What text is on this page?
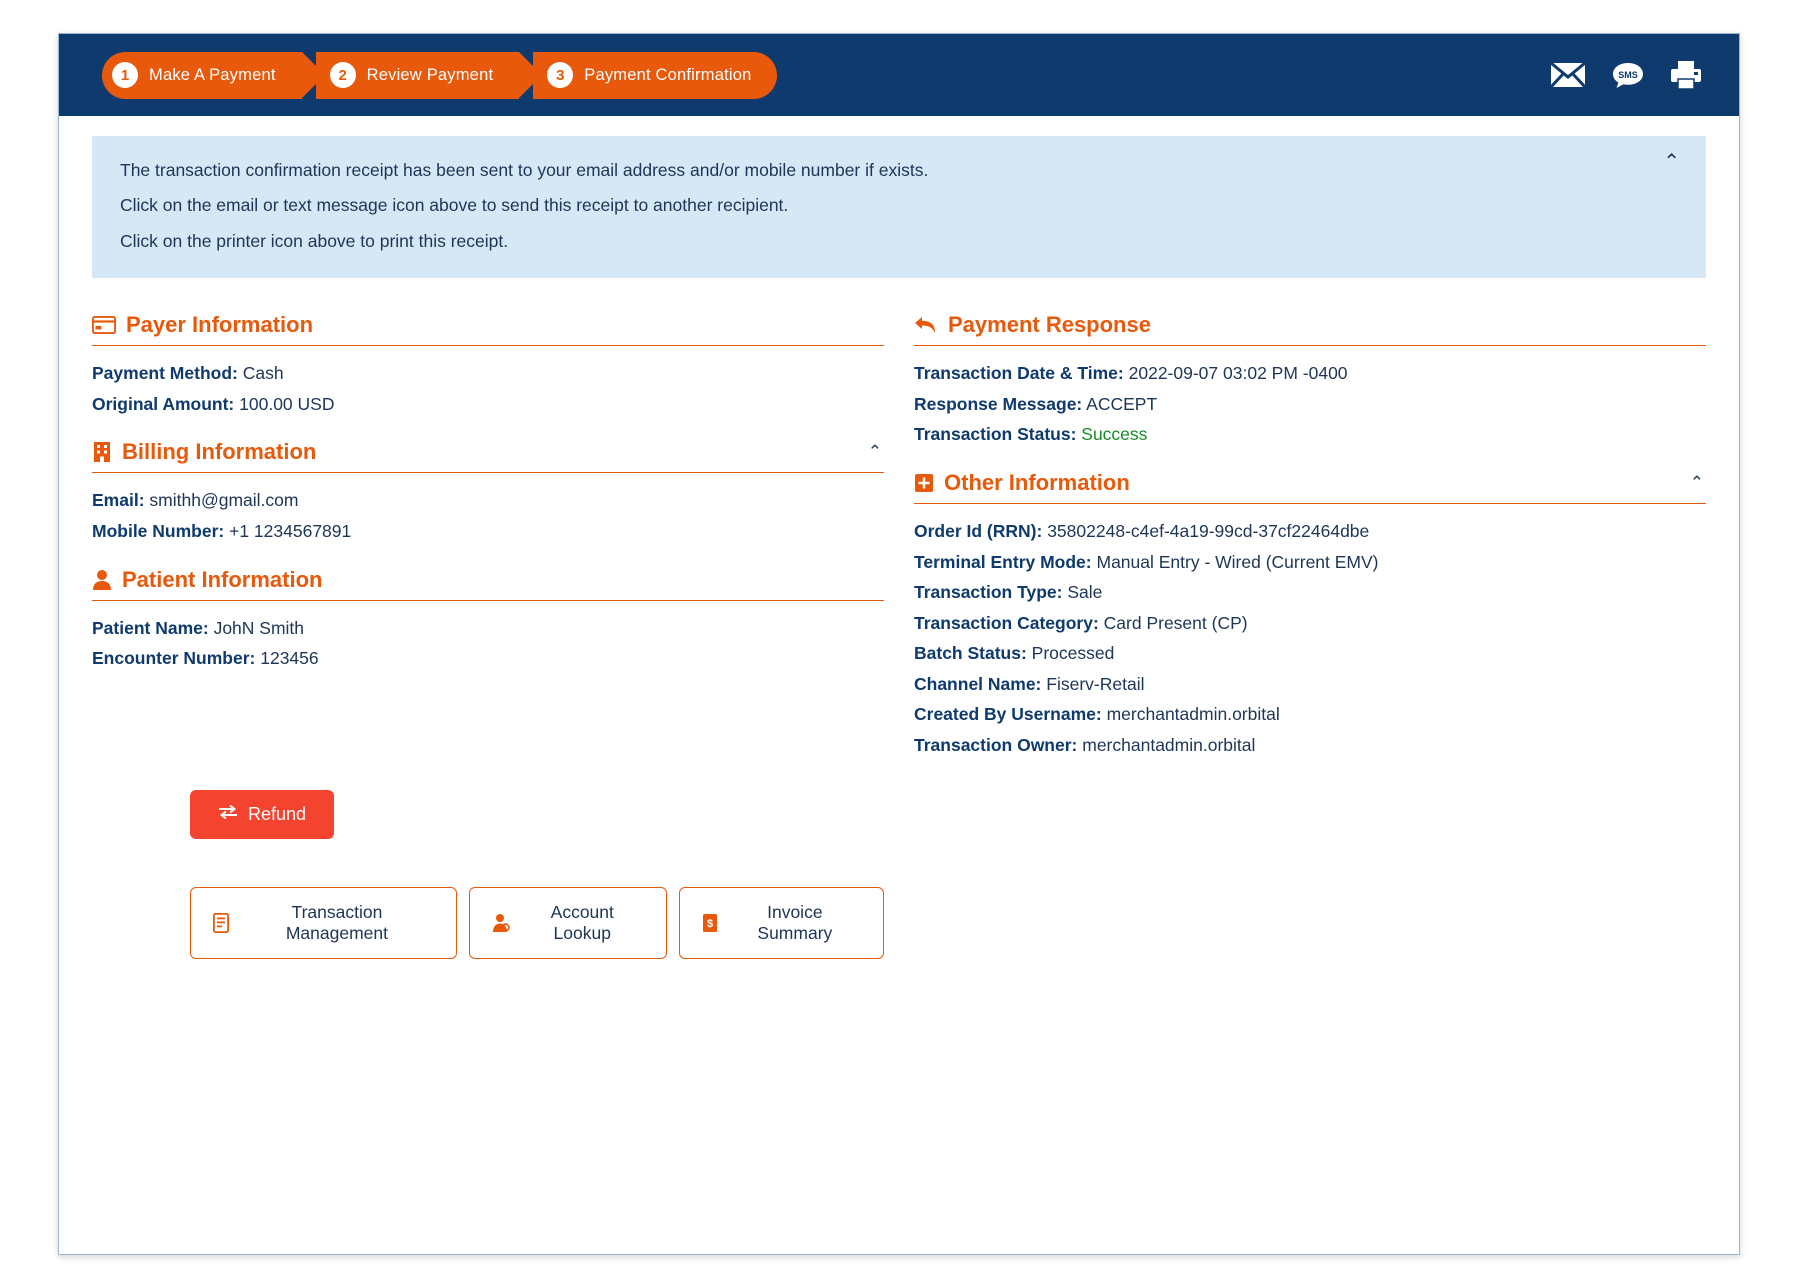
1	Make A Payment	2	Review Payment	3	Payment Confirmation	SMS
⌃

The transaction confirmation receipt has been sent to your email address and/or mobile number if exists.

Click on the email or text message icon above to send this receipt to another recipient.

Click on the printer icon above to print this receipt.

Payer Information

Payment Method: Cash

Original Amount: 100.00 USD

Billing Information	⌃

Email: smithh@gmail.com

Mobile Number: +1 1234567891

Patient Information

Patient Name: JohN Smith

Encounter Number: 123456

Refund
Transaction Management
Account Lookup	$
Invoice Summary
Payment Response

Transaction Date & Time: 2022-09-07 03:02 PM -0400

Response Message: ACCEPT

Transaction Status: Success

Other Information	⌃

Order Id (RRN): 35802248-c4ef-4a19-99cd-37cf22464dbe

Terminal Entry Mode: Manual Entry - Wired (Current EMV)

Transaction Type: Sale

Transaction Category: Card Present (CP)

Batch Status: Processed

Channel Name: Fiserv-Retail

Created By Username: merchantadmin.orbital

Transaction Owner: merchantadmin.orbital
